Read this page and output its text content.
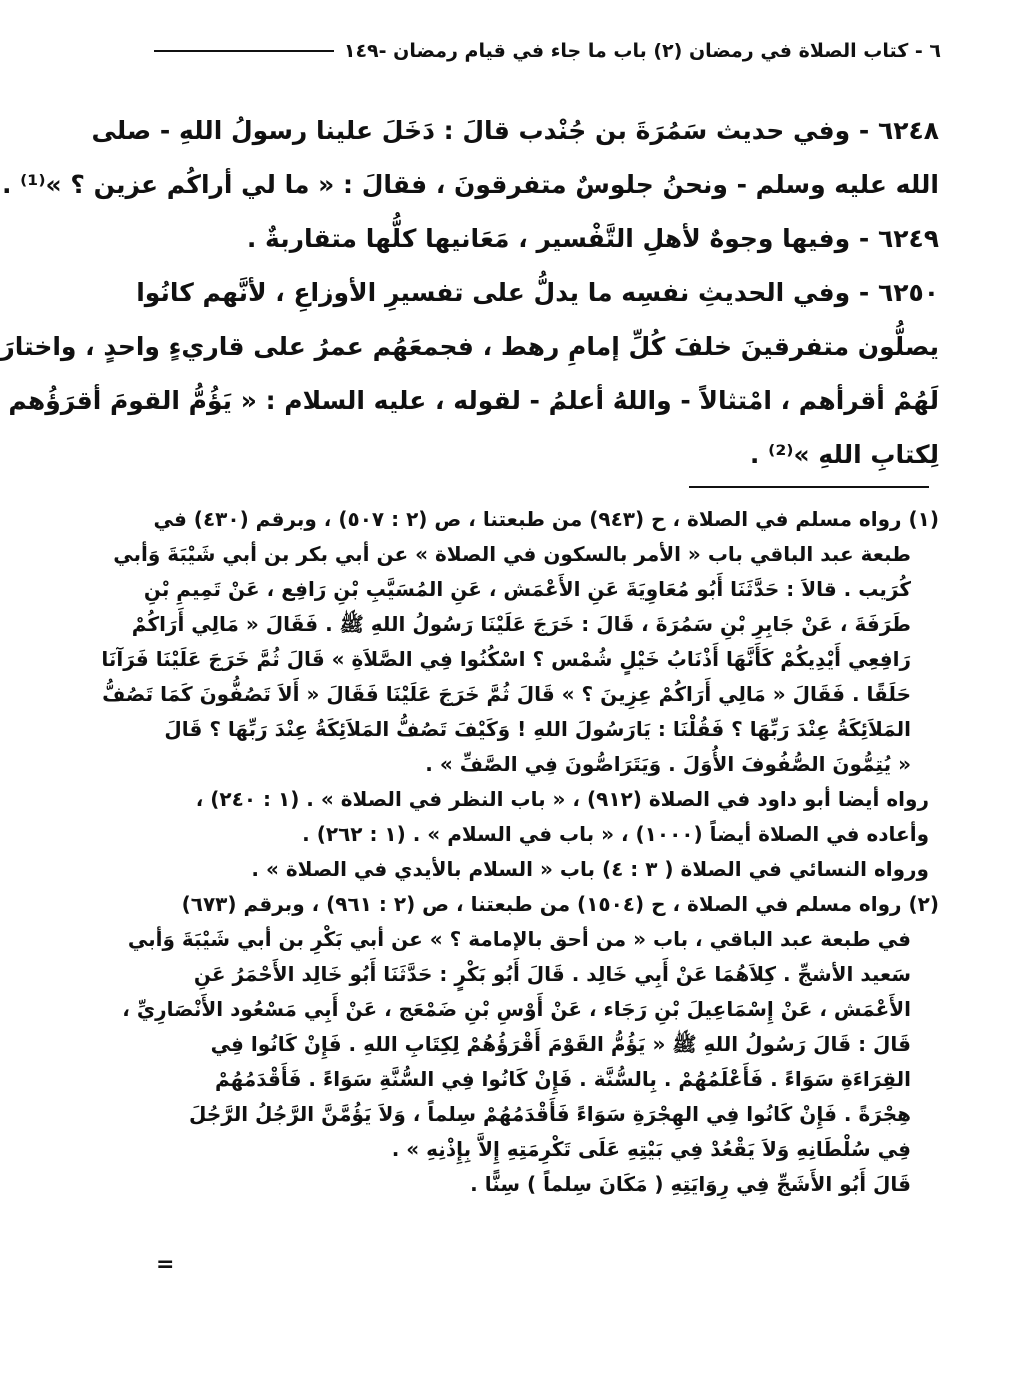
٦ - كتاب الصلاة في رمضان (٢) باب ما جاء في قيام رمضان -١٤٩
٦٢٤٨ - وفي حديث سَمُرَةَ بن جُنْدب قالَ : دَخَلَ علينا رسولُ اللهِ - صلى
الله عليه وسلم - ونحنُ جلوسٌ متفرقونَ ، فقالَ : « ما لي أراكُم عزين ؟ »⁽¹⁾ .
٦٢٤٩ - وفيها وجوهٌ لأهلِ التَّفْسير ، مَعَانيها كلُّها متقاربةٌ .
٦٢٥٠ - وفي الحديثِ نفسِه ما يدلُّ على تفسيرِ الأوزاعِ ، لأنَّهم كانُوا
يصلُّون متفرقينَ خلفَ كُلِّ إمامِ رهط ، فجمعَهُم عمرُ على قاريءٍ واحدٍ ، واختارَ
لَهُمْ أقرأهم ، امْتثالاً - واللهُ أعلمُ - لقوله ، عليه السلام : « يَؤُمُّ القومَ أقرَؤُهم
لِكتابِ اللهِ »⁽²⁾ .
(١) رواه مسلم في الصلاة ، ح (٩٤٣) من طبعتنا ، ص (٢ : ٥٠٧) ، وبرقم (٤٣٠) في
طبعة عبد الباقي باب « الأمر بالسكون في الصلاة » عن أبي بكر بن أبي شَيْبَةَ وَأبي
كُرَيب . قالاَ : حَدَّثَنَا أَبُو مُعَاوِيَةَ عَنِ الأَعْمَش ، عَنِ المُسَيَّبِ بْنِ رَافِع ، عَنْ تَمِيمِ بْنِ
طَرَفَةَ ، عَنْ جَابِرِ بْنِ سَمُرَةَ ، قَالَ : خَرَجَ عَلَيْنَا رَسُولُ اللهِ ﷺ . فَقَالَ « مَالِي أَرَاكُمْ
رَافِعِي أَيْدِيكُمْ كَأَنَّهَا أَذْنَابُ خَيْلٍ شُمْس ؟ اسْكُنُوا فِي الصَّلاَةِ » قَالَ ثُمَّ خَرَجَ عَلَيْنَا فَرَآنَا
حَلَقًا . فَقَالَ « مَالِي أَرَاكُمْ عِزِينَ ؟ » قَالَ ثُمَّ خَرَجَ عَلَيْنَا فَقَالَ « أَلاَ تَصُفُّونَ كَمَا تَصُفُّ
المَلاَئِكَةُ عِنْدَ رَبِّهَا ؟ فَقُلْنَا : يَارَسُولَ اللهِ ! وَكَيْفَ تَصُفُّ المَلاَئِكَةُ عِنْدَ رَبِّهَا ؟ قَالَ
« يُتِمُّونَ الصُّفُوفَ الأُوَلَ . وَيَتَرَاصُّونَ فِي الصَّفِّ » .
رواه أيضا أبو داود في الصلاة (٩١٢) ، « باب النظر في الصلاة » . (١ : ٢٤٠) ،
وأعاده في الصلاة أيضاً (١٠٠٠) ، « باب في السلام » . (١ : ٢٦٢) .
ورواه النسائي في الصلاة ( ٣ : ٤) باب « السلام بالأيدي في الصلاة » .
(٢) رواه مسلم في الصلاة ، ح (١٥٠٤) من طبعتنا ، ص (٢ : ٩٦١) ، وبرقم (٦٧٣)
في طبعة عبد الباقي ، باب « من أحق بالإمامة ؟ » عن أبي بَكْرِ بن أبي شَيْبَةَ وَأبي
سَعيد الأشجِّ . كِلاَهُمَا عَنْ أَبِي خَالِد . قَالَ أَبُو بَكْرٍ : حَدَّثَنَا أَبُو خَالِد الأَحْمَرُ عَنِ
الأَعْمَش ، عَنْ إِسْمَاعِيلَ بْنِ رَجَاء ، عَنْ أَوْسِ بْنِ ضَمْعَج ، عَنْ أَبِي مَسْعُود الأَنْصَارِيِّ ،
قَالَ : قَالَ رَسُولُ اللهِ ﷺ « يَؤُمُّ القَوْمَ أَقْرَؤُهُمْ لِكِتَابِ اللهِ . فَإِنْ كَانُوا فِي
القِرَاءَةِ سَوَاءً . فَأَعْلَمُهُمْ . بِالسُّنَّة . فَإِنْ كَانُوا فِي السُّنَّةِ سَوَاءً . فَأَقْدَمُهُمْ
هِجْرَةً . فَإِنْ كَانُوا فِي الهِجْرَةِ سَوَاءً فَأَقْدَمُهُمْ سِلماً ، وَلاَ يَؤُمَّنَّ الرَّجُلُ الرَّجُلَ
فِي سُلْطَانِهِ وَلاَ يَقْعُدْ فِي بَيْتِهِ عَلَى تَكْرِمَتِهِ إِلاَّ بِإِذْنِهِ » .
قَالَ أَبُو الأَشَجِّ فِي رِوَايَتِهِ ( مَكَانَ سِلماً ) سِنًّا .
=
